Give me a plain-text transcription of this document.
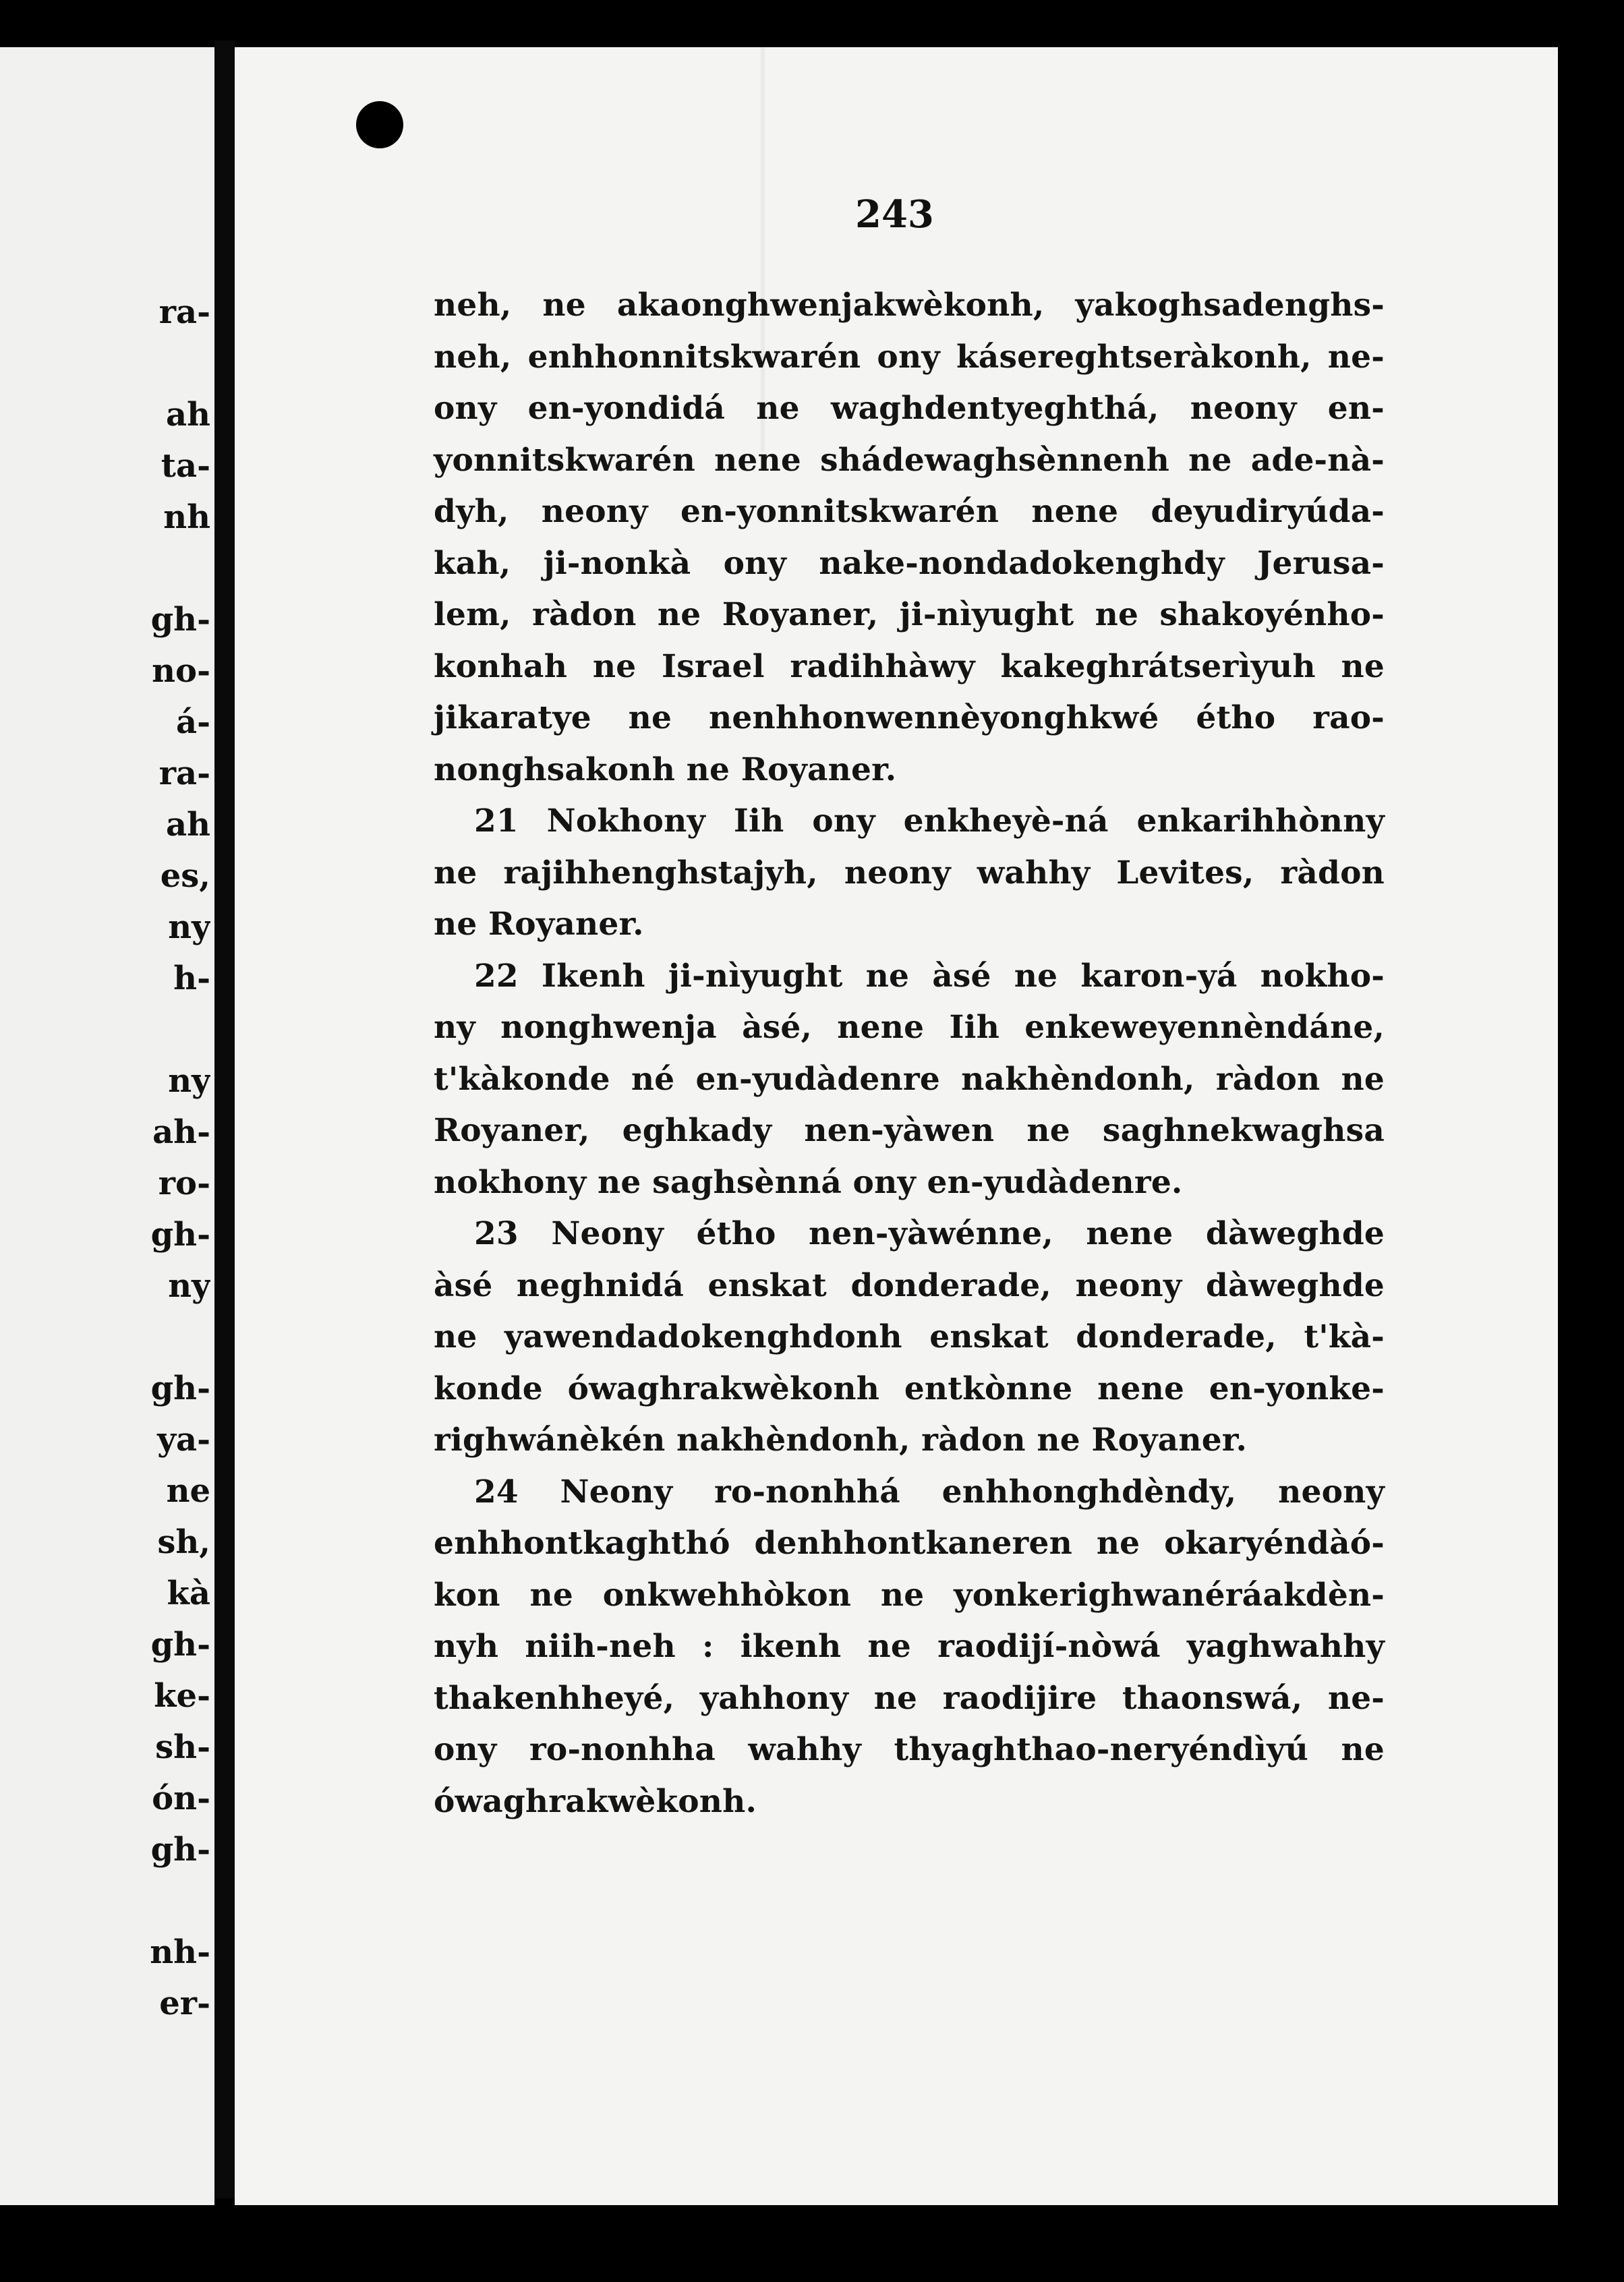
ra-
ah
ta-
nh
gh-
no-
á-
ra-
ah
es,
ny
h-
ny
ah-
ro-
gh-
ny
gh-
ya-
ne
sh,
kà
gh-
ke-
sh-
ón-
gh-
nh-
er-
243
neh, ne akaonghwenjakwèkonh, yakoghsadenghs-
neh, enhhonnitskwarén ony kásereghtseràkonh, ne-
ony en-yondidá ne waghdentyeghthá, neony en-
yonnitskwarén nene shádewaghsènnenh ne ade-nà-
dyh, neony en-yonnitskwarén nene deyudiryúda-
kah, ji-nonkà ony nake-nondadokenghdy Jerusa-
lem, ràdon ne Royaner, ji-nìyught ne shakoyénho-
konhah ne Israel radihhàwy kakeghrátserìyuh ne
jikaratye ne nenhhonwennèyonghkwé étho rao-
nonghsakonh ne Royaner.
21 Nokhony Iih ony enkheyè-ná enkarihhònny
ne rajihhenghstajyh, neony wahhy Levites, ràdon
ne Royaner.
22 Ikenh ji-nìyught ne àsé ne karon-yá nokho-
ny nonghwenja àsé, nene Iih enkeweyennèndáne,
t'kàkonde né en-yudàdenre nakhèndonh, ràdon ne
Royaner, eghkady nen-yàwen ne saghnekwaghsa
nokhony ne saghsènná ony en-yudàdenre.
23 Neony étho nen-yàwénne, nene dàweghde
àsé neghnidá enskat donderade, neony dàweghde
ne yawendadokenghdonh enskat donderade, t'kà-
konde ówaghrakwèkonh entkònne nene en-yonke-
righwánèkén nakhèndonh, ràdon ne Royaner.
24 Neony ro-nonhhá enhhonghdèndy, neony
enhhontkaghthó denhhontkaneren ne okaryéndàó-
kon ne onkwehhòkon ne yonkerighwanéráakdèn-
nyh niih-neh : ikenh ne raodijí-nòwá yaghwahhy
thakenhheyé, yahhony ne raodijire thaonswá, ne-
ony ro-nonhha wahhy thyaghthao-neryéndìyú ne
ówaghrakwèkonh.
